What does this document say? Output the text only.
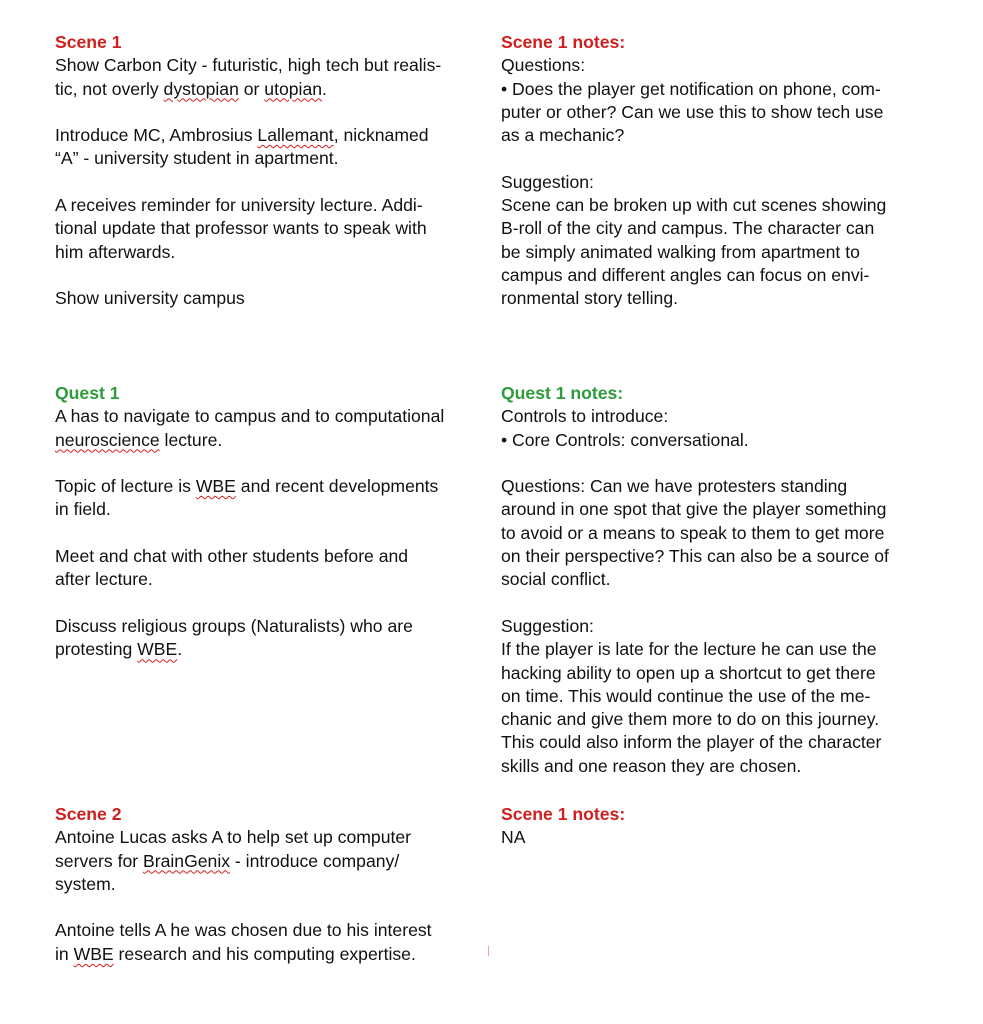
Scene 1

Show Carbon City - futuristic, high tech but realis-

tic, not overly dystopian or utopian.

Introduce MC, Ambrosius Lallemant, nicknamed

“A” - university student in apartment.

A receives reminder for university lecture. Addi-

tional update that professor wants to speak with

him afterwards.

Show university campus

Scene 1 notes:

Questions:

• Does the player get notification on phone, com-

puter or other? Can we use this to show tech use

as a mechanic?

Suggestion:

Scene can be broken up with cut scenes showing

B-roll of the city and campus. The character can

be simply animated walking from apartment to

campus and different angles can focus on envi-

ronmental story telling.

Quest 1

A has to navigate to campus and to computational

neuroscience lecture.

Topic of lecture is WBE and recent developments

in field.

Meet and chat with other students before and

after lecture.

Discuss religious groups (Naturalists) who are

protesting WBE.

Quest 1 notes:

Controls to introduce:

• Core Controls: conversational.

Questions: Can we have protesters standing

around in one spot that give the player something

to avoid or a means to speak to them to get more

on their perspective? This can also be a source of

social conflict.

Suggestion:

If the player is late for the lecture he can use the

hacking ability to open up a shortcut to get there

on time. This would continue the use of the me-

chanic and give them more to do on this journey.

This could also inform the player of the character

skills and one reason they are chosen.

Scene 2

Antoine Lucas asks A to help set up computer

servers for BrainGenix - introduce company/

system.

Antoine tells A he was chosen due to his interest

in WBE research and his computing expertise.

Scene 1 notes:

NA
